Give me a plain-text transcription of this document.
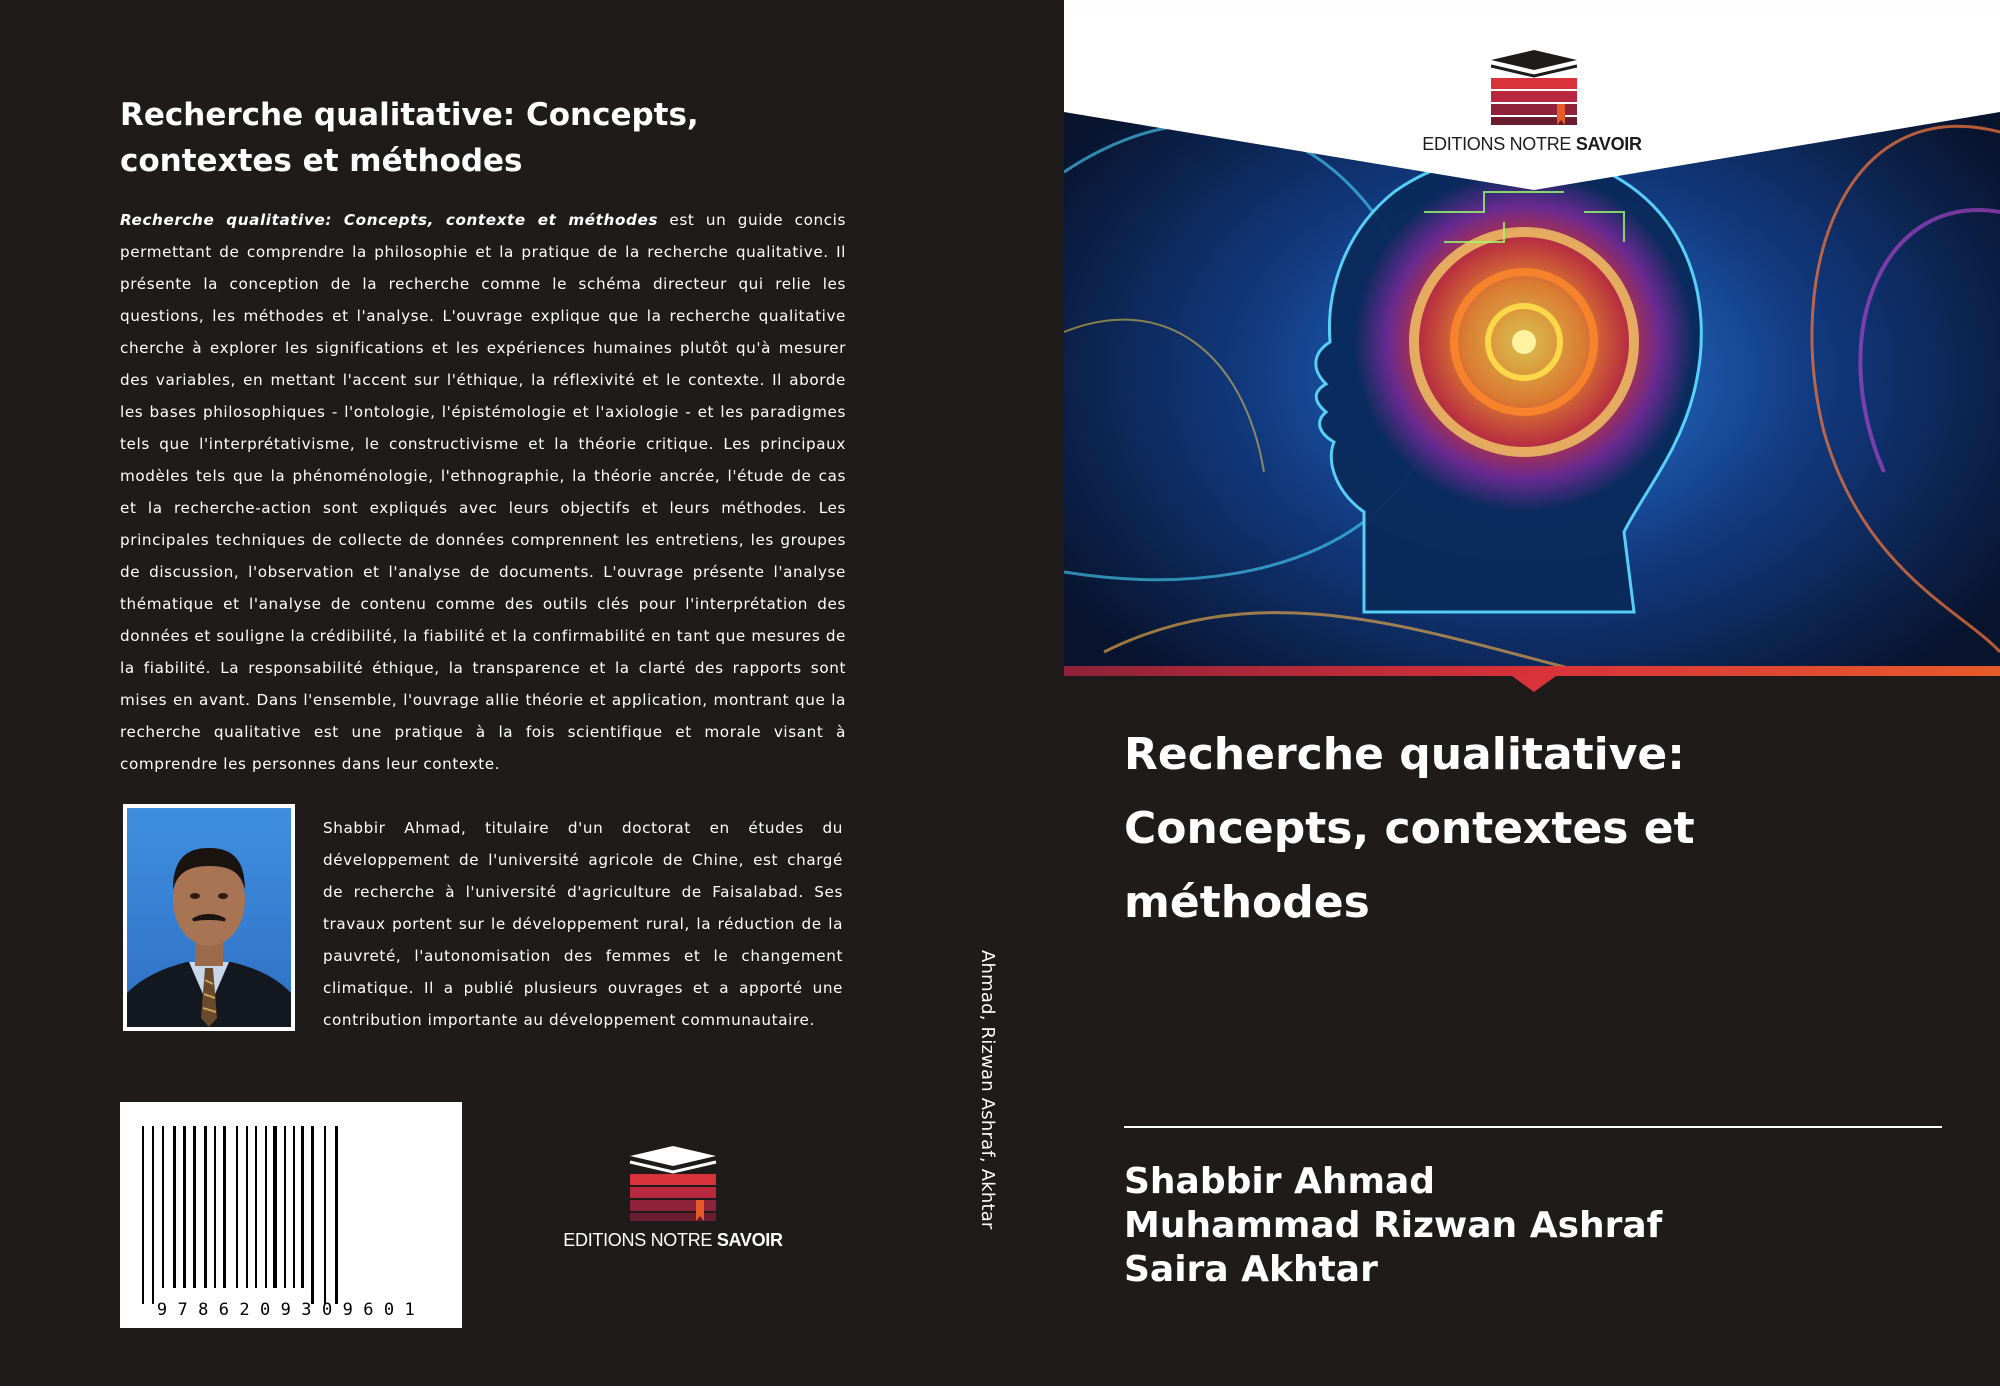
Recherche qualitative: Concepts, contextes et méthodes

Recherche qualitative: Concepts, contexte et méthodes est un guide concis permettant de comprendre la philosophie et la pratique de la recherche qualitative. Il présente la conception de la recherche comme le schéma directeur qui relie les questions, les méthodes et l'analyse. L'ouvrage explique que la recherche qualitative cherche à explorer les significations et les expériences humaines plutôt qu'à mesurer des variables, en mettant l'accent sur l'éthique, la réflexivité et le contexte. Il aborde les bases philosophiques - l'ontologie, l'épistémologie et l'axiologie - et les paradigmes tels que l'interprétativisme, le constructivisme et la théorie critique. Les principaux modèles tels que la phénoménologie, l'ethnographie, la théorie ancrée, l'étude de cas et la recherche-action sont expliqués avec leurs objectifs et leurs méthodes. Les principales techniques de collecte de données comprennent les entretiens, les groupes de discussion, l'observation et l'analyse de documents. L'ouvrage présente l'analyse thématique et l'analyse de contenu comme des outils clés pour l'interprétation des données et souligne la crédibilité, la fiabilité et la confirmabilité en tant que mesures de la fiabilité. La responsabilité éthique, la transparence et la clarté des rapports sont mises en avant. Dans l'ensemble, l'ouvrage allie théorie et application, montrant que la recherche qualitative est une pratique à la fois scientifique et morale visant à comprendre les personnes dans leur contexte.

Shabbir Ahmad, titulaire d'un doctorat en études du développement de l'université agricole de Chine, est chargé de recherche à l'université d'agriculture de Faisalabad. Ses travaux portent sur le développement rural, la réduction de la pauvreté, l'autonomisation des femmes et le changement climatique. Il a publié plusieurs ouvrages et a apporté une contribution importante au développement communautaire.

9786209309601
EDITIONS NOTRE SAVOIR
Ahmad, Rizwan Ashraf, Akhtar
EDITIONS NOTRE SAVOIR
Recherche qualitative:
Concepts, contextes et
méthodes
Shabbir Ahmad
Muhammad Rizwan Ashraf
Saira Akhtar
